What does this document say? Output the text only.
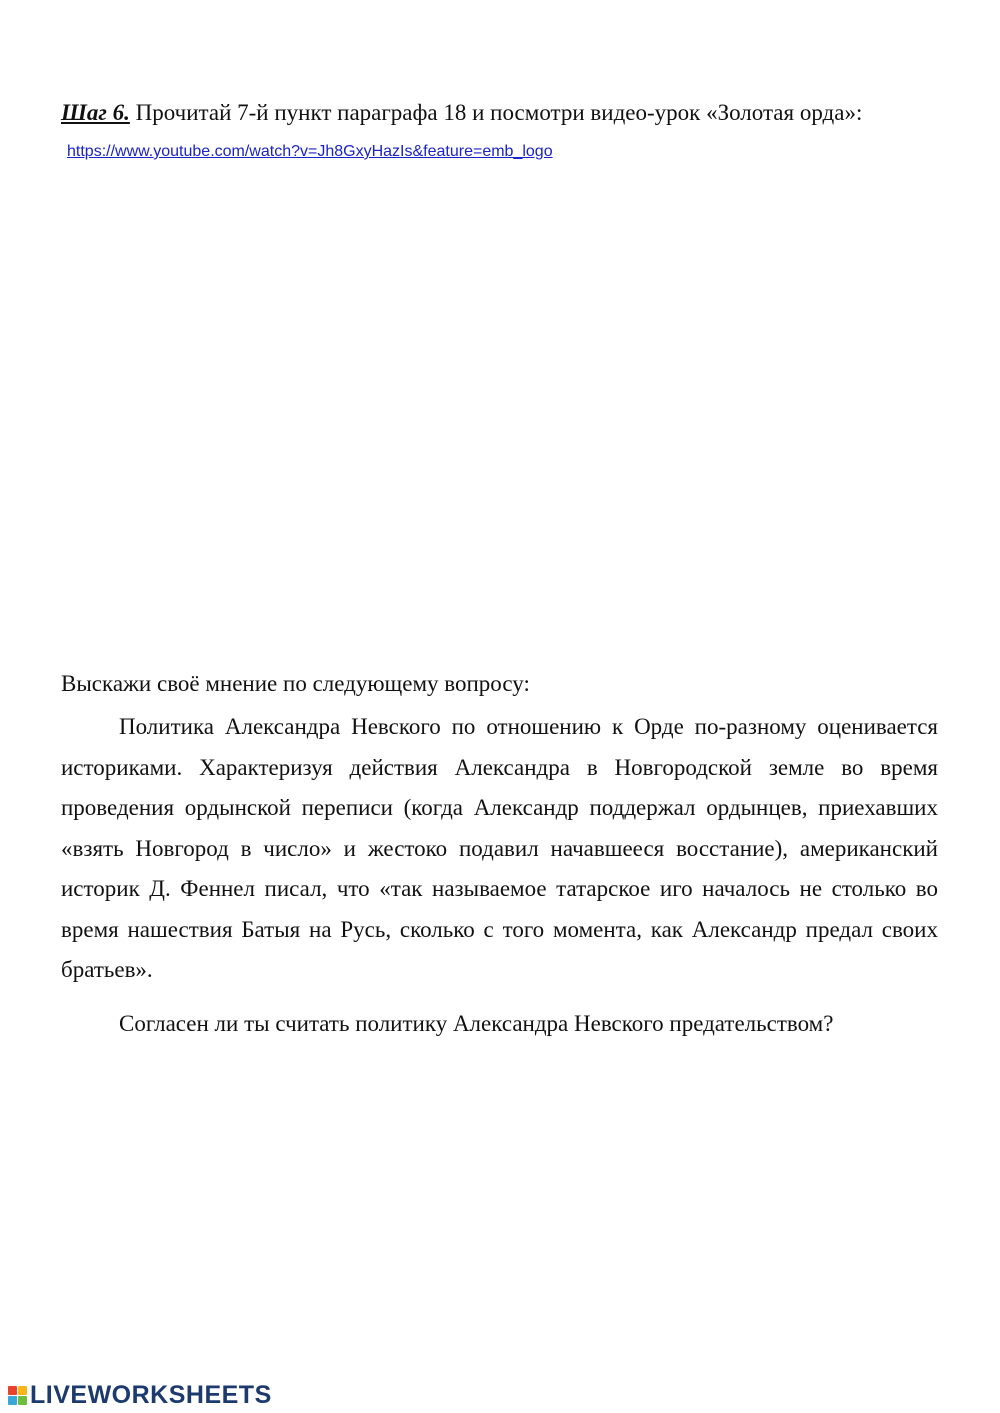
Шаг 6. Прочитай 7-й пункт параграфа 18 и посмотри видео-урок «Золотая орда»:
https://www.youtube.com/watch?v=Jh8GxyHazIs&feature=emb_logo
Выскажи своё мнение по следующему вопросу:

Политика Александра Невского по отношению к Орде по-разному оценивается историками. Характеризуя действия Александра в Новгородской земле во время проведения ордынской переписи (когда Александр поддержал ордынцев, приехавших «взять Новгород в число» и жестоко подавил начавшееся восстание), американский историк Д. Феннел писал, что «так называемое татарское иго началось не столько во время нашествия Батыя на Русь, сколько с того момента, как Александр предал своих братьев».

Согласен ли ты считать политику Александра Невского предательством?
LIVEWORKSHEETS
